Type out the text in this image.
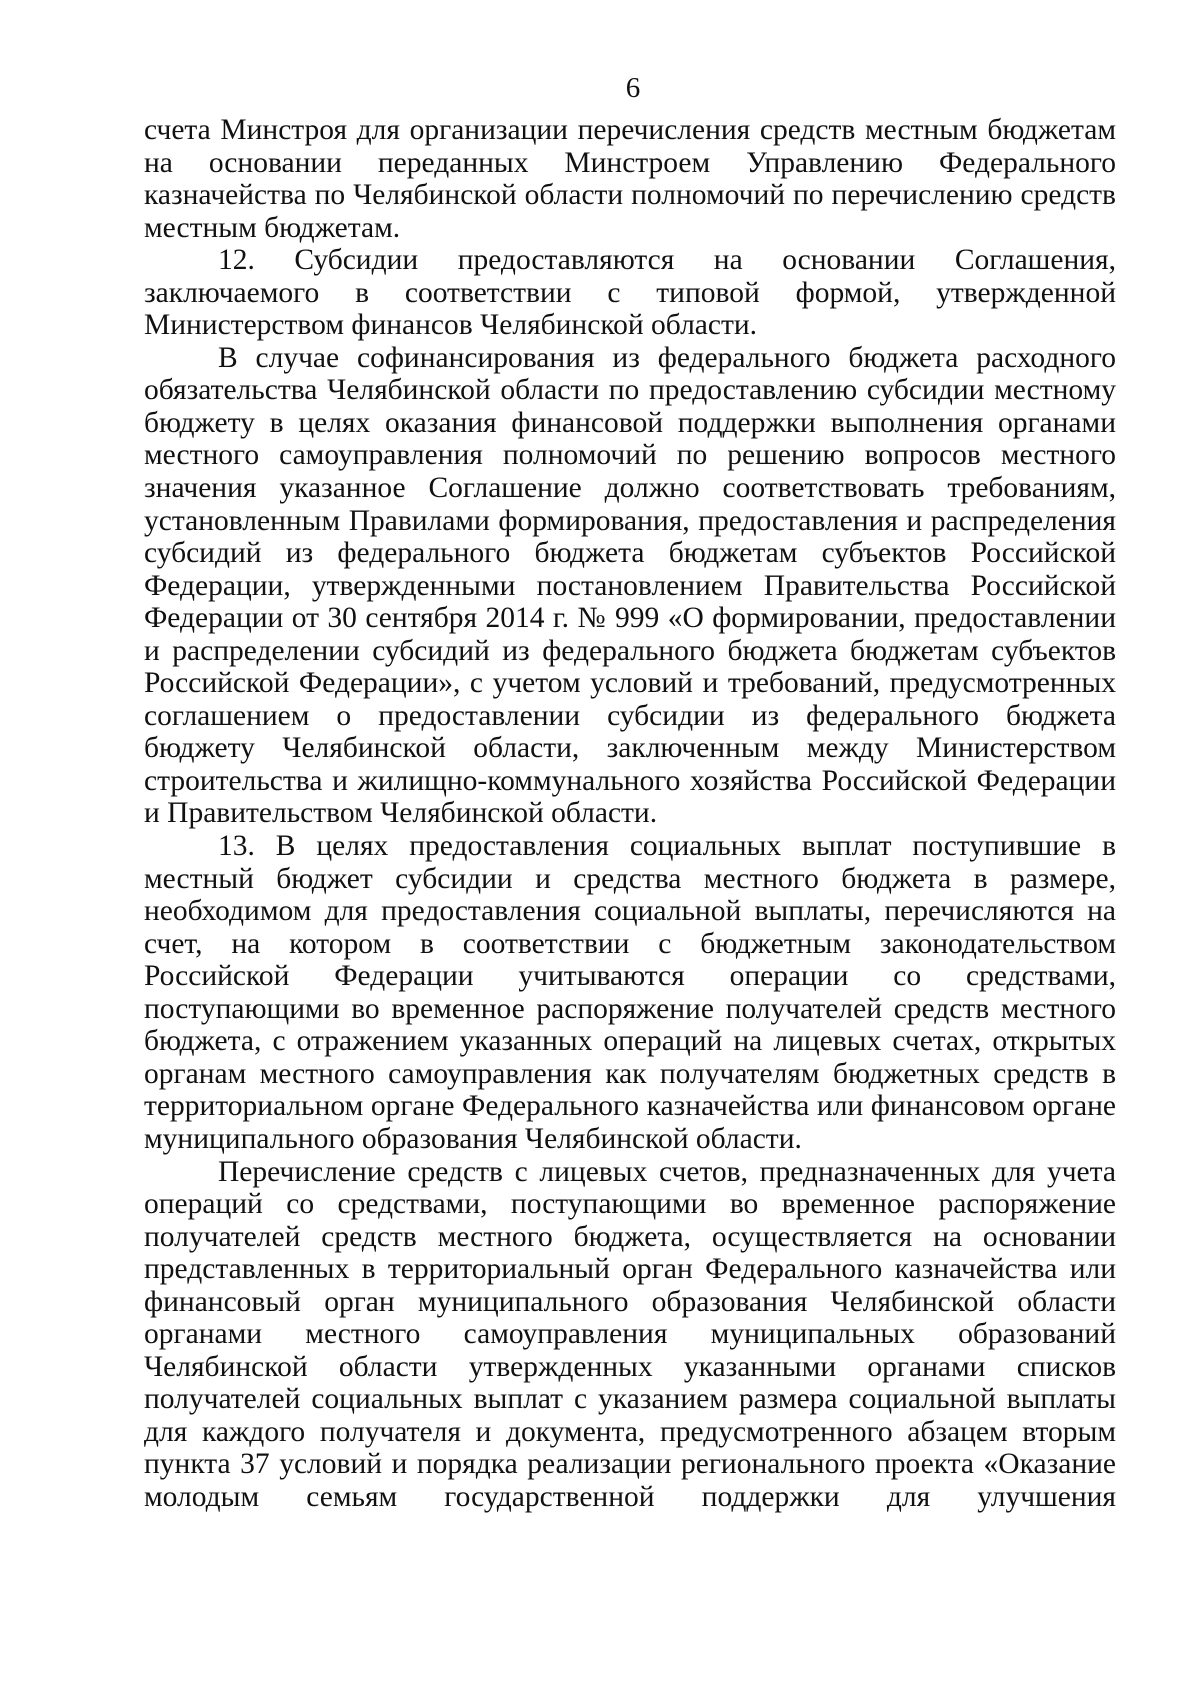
6

счета Минстроя для организации перечисления средств местным бюджетам на основании переданных Минстроем Управлению Федерального казначейства по Челябинской области полномочий по перечислению средств местным бюджетам.

12. Субсидии предоставляются на основании Соглашения, заключаемого в соответствии с типовой формой, утвержденной Министерством финансов Челябинской области.

В случае софинансирования из федерального бюджета расходного обязательства Челябинской области по предоставлению субсидии местному бюджету в целях оказания финансовой поддержки выполнения органами местного самоуправления полномочий по решению вопросов местного значения указанное Соглашение должно соответствовать требованиям, установленным Правилами формирования, предоставления и распределения субсидий из федерального бюджета бюджетам субъектов Российской Федерации, утвержденными постановлением Правительства Российской Федерации от 30 сентября 2014 г. № 999 «О формировании, предоставлении и распределении субсидий из федерального бюджета бюджетам субъектов Российской Федерации», с учетом условий и требований, предусмотренных соглашением о предоставлении субсидии из федерального бюджета бюджету Челябинской области, заключенным между Министерством строительства и жилищно-коммунального хозяйства Российской Федерации и Правительством Челябинской области.

13. В целях предоставления социальных выплат поступившие в местный бюджет субсидии и средства местного бюджета в размере, необходимом для предоставления социальной выплаты, перечисляются на счет, на котором в соответствии с бюджетным законодательством Российской Федерации учитываются операции со средствами, поступающими во временное распоряжение получателей средств местного бюджета, с отражением указанных операций на лицевых счетах, открытых органам местного самоуправления как получателям бюджетных средств в территориальном органе Федерального казначейства или финансовом органе муниципального образования Челябинской области.

Перечисление средств с лицевых счетов, предназначенных для учета операций со средствами, поступающими во временное распоряжение получателей средств местного бюджета, осуществляется на основании представленных в территориальный орган Федерального казначейства или финансовый орган муниципального образования Челябинской области органами местного самоуправления муниципальных образований Челябинской области утвержденных указанными органами списков получателей социальных выплат с указанием размера социальной выплаты для каждого получателя и документа, предусмотренного абзацем вторым пункта 37 условий и порядка реализации регионального проекта «Оказание молодым семьям государственной поддержки для улучшения
